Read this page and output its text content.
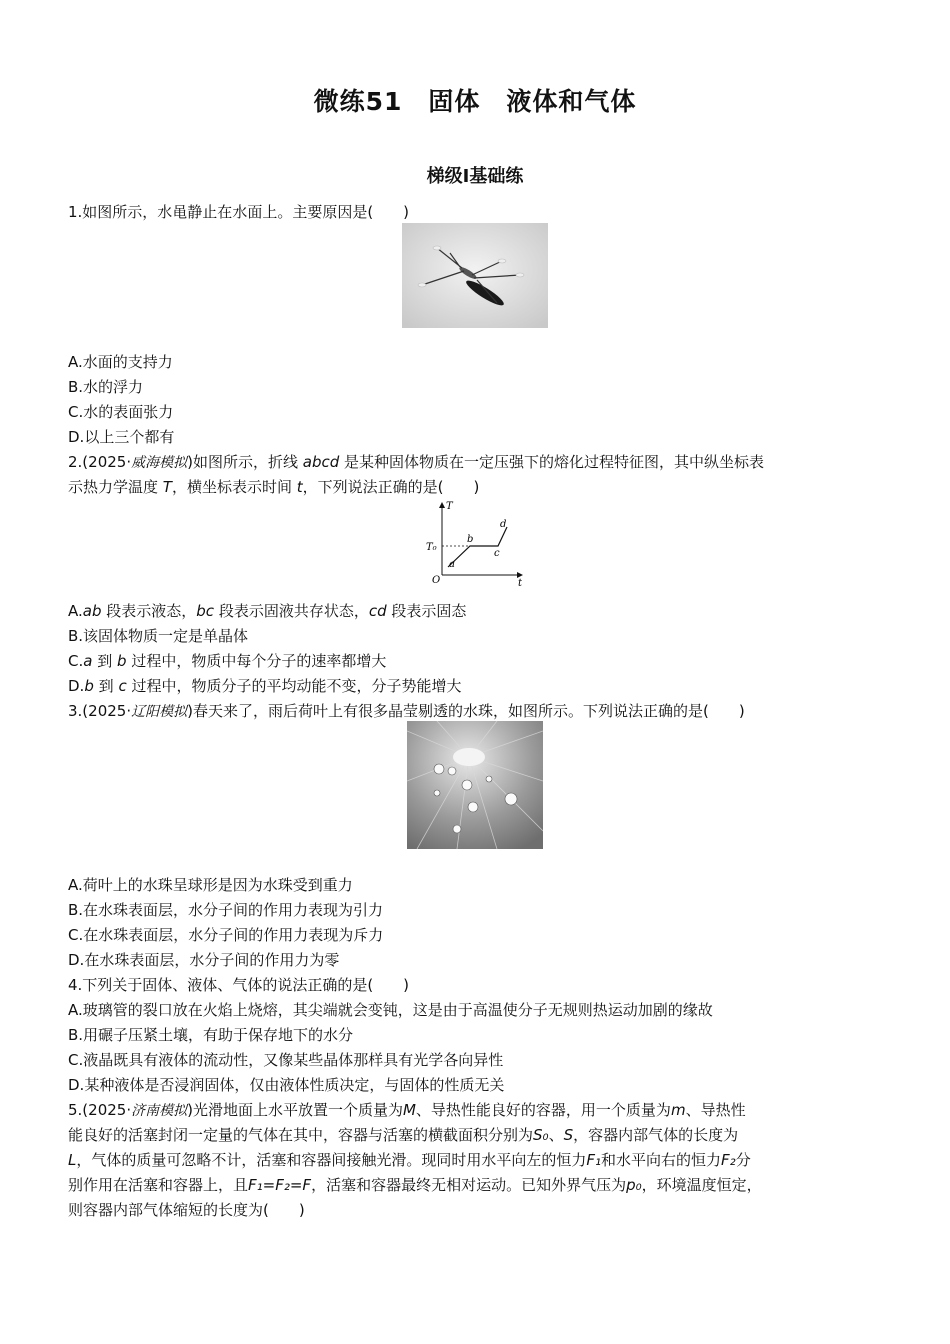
微练51　固体　液体和气体
梯级Ⅰ基础练
1.如图所示，水黾静止在水面上。主要原因是(　　)
A.水面的支持力
B.水的浮力
C.水的表面张力
D.以上三个都有
2.(2025·威海模拟)如图所示，折线 abcd 是某种固体物质在一定压强下的熔化过程特征图，其中纵坐标表
示热力学温度 T，横坐标表示时间 t，下列说法正确的是(　　)
T
t
O
T₀
a
b
c
d
A.ab 段表示液态，bc 段表示固液共存状态，cd 段表示固态
B.该固体物质一定是单晶体
C.a 到 b 过程中，物质中每个分子的速率都增大
D.b 到 c 过程中，物质分子的平均动能不变，分子势能增大
3.(2025·辽阳模拟)春天来了，雨后荷叶上有很多晶莹剔透的水珠，如图所示。下列说法正确的是(　　)
A.荷叶上的水珠呈球形是因为水珠受到重力
B.在水珠表面层，水分子间的作用力表现为引力
C.在水珠表面层，水分子间的作用力表现为斥力
D.在水珠表面层，水分子间的作用力为零
4.下列关于固体、液体、气体的说法正确的是(　　)
A.玻璃管的裂口放在火焰上烧熔，其尖端就会变钝，这是由于高温使分子无规则热运动加剧的缘故
B.用碾子压紧土壤，有助于保存地下的水分
C.液晶既具有液体的流动性，又像某些晶体那样具有光学各向异性
D.某种液体是否浸润固体，仅由液体性质决定，与固体的性质无关
5.(2025·济南模拟)光滑地面上水平放置一个质量为M、导热性能良好的容器，用一个质量为m、导热性
能良好的活塞封闭一定量的气体在其中，容器与活塞的横截面积分别为S₀、S，容器内部气体的长度为
L，气体的质量可忽略不计，活塞和容器间接触光滑。现同时用水平向左的恒力F₁和水平向右的恒力F₂分
别作用在活塞和容器上，且F₁=F₂=F，活塞和容器最终无相对运动。已知外界气压为p₀，环境温度恒定，
则容器内部气体缩短的长度为(　　)
